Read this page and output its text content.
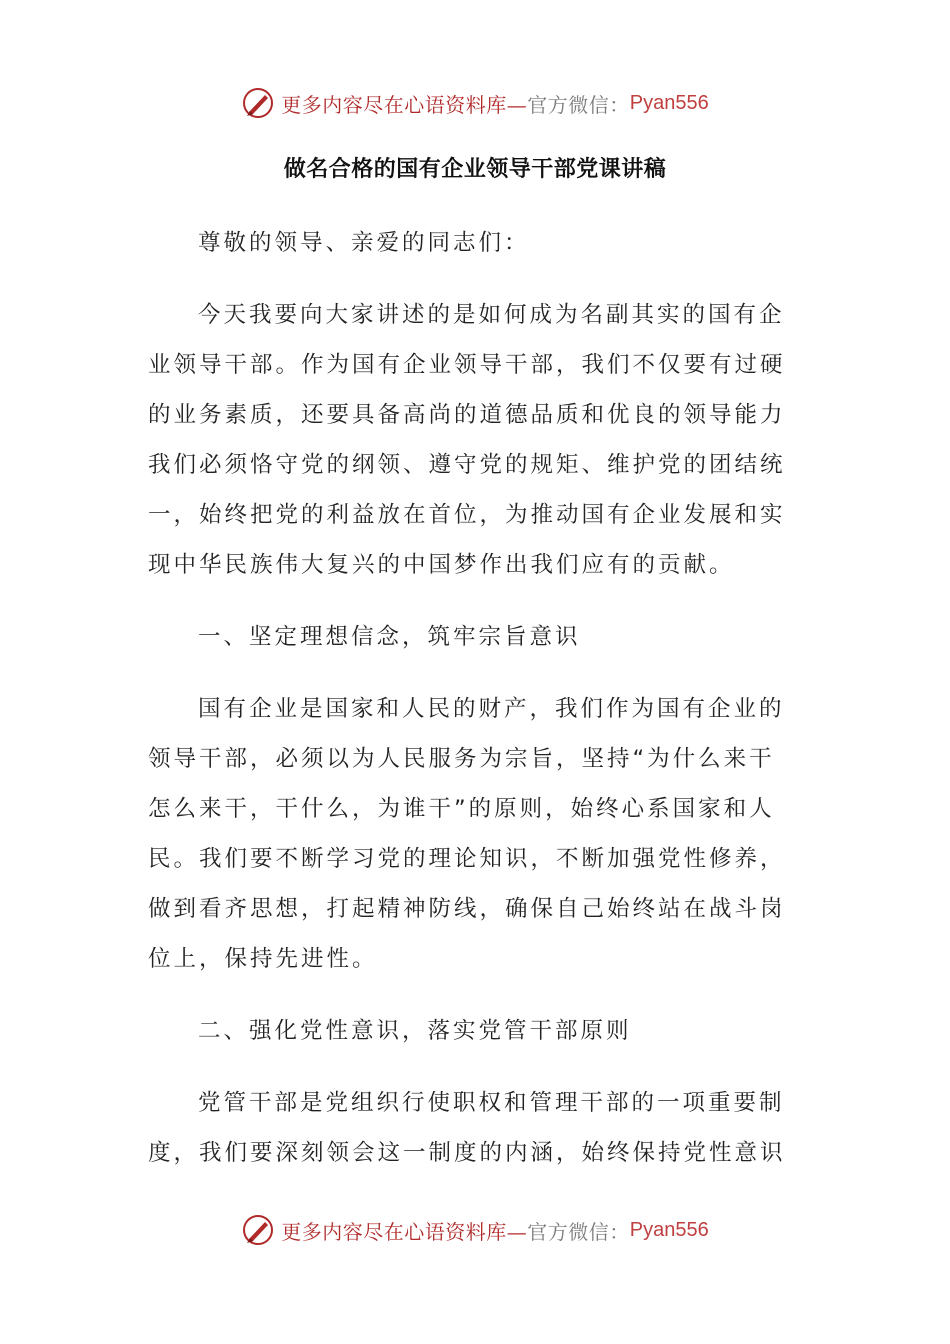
更多内容尽在心语资料库— 官方微信： Pyan556
做名合格的国有企业领导干部党课讲稿
尊敬的领导、亲爱的同志们：
今天我要向大家讲述的是如何成为名副其实的国有企
业领导干部。作为国有企业领导干部，我们不仅要有过硬
的业务素质，还要具备高尚的道德品质和优良的领导能力
我们必须恪守党的纲领、遵守党的规矩、维护党的团结统
一，始终把党的利益放在首位，为推动国有企业发展和实
现中华民族伟大复兴的中国梦作出我们应有的贡献。
一、坚定理想信念，筑牢宗旨意识
国有企业是国家和人民的财产，我们作为国有企业的
领导干部，必须以为人民服务为宗旨，坚持“为什么来干
怎么来干，干什么，为谁干”的原则，始终心系国家和人
民。我们要不断学习党的理论知识，不断加强党性修养，
做到看齐思想，打起精神防线，确保自己始终站在战斗岗
位上，保持先进性。
二、强化党性意识，落实党管干部原则
党管干部是党组织行使职权和管理干部的一项重要制
度，我们要深刻领会这一制度的内涵，始终保持党性意识
更多内容尽在心语资料库— 官方微信： Pyan556
